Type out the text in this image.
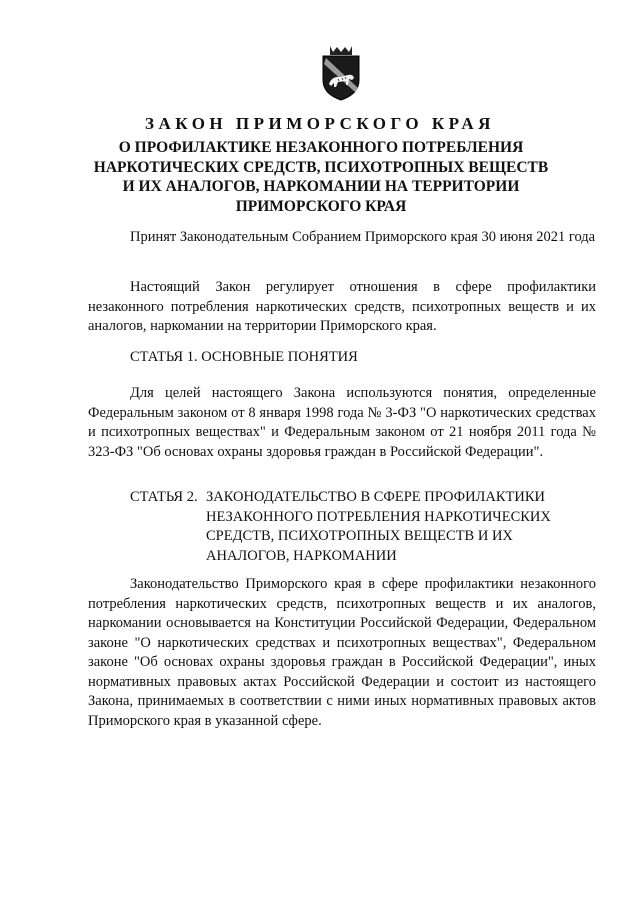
ЗАКОН ПРИМОРСКОГО КРАЯ
О ПРОФИЛАКТИКЕ НЕЗАКОННОГО ПОТРЕБЛЕНИЯ НАРКОТИЧЕСКИХ СРЕДСТВ, ПСИХОТРОПНЫХ ВЕЩЕСТВ И ИХ АНАЛОГОВ, НАРКОМАНИИ НА ТЕРРИТОРИИ ПРИМОРСКОГО КРАЯ

Принят Законодательным Собранием Приморского края 30 июня 2021 года

Настоящий Закон регулирует отношения в сфере профилактики незаконного потребления наркотических средств, психотропных веществ и их аналогов, наркомании на территории Приморского края.

СТАТЬЯ 1. ОСНОВНЫЕ ПОНЯТИЯ

Для целей настоящего Закона используются понятия, определенные Федеральным законом от 8 января 1998 года № 3-ФЗ "О наркотических средствах и психотропных веществах" и Федеральным законом от 21 ноября 2011 года № 323-ФЗ "Об основах охраны здоровья граждан в Российской Федерации".

СТАТЬЯ 2. ЗАКОНОДАТЕЛЬСТВО В СФЕРЕ ПРОФИЛАКТИКИ НЕЗАКОННОГО ПОТРЕБЛЕНИЯ НАРКОТИЧЕСКИХ СРЕДСТВ, ПСИХОТРОПНЫХ ВЕЩЕСТВ И ИХ АНАЛОГОВ, НАРКОМАНИИ

Законодательство Приморского края в сфере профилактики незаконного потребления наркотических средств, психотропных веществ и их аналогов, наркомании основывается на Конституции Российской Федерации, Федеральном законе "О наркотических средствах и психотропных веществах", Федеральном законе "Об основах охраны здоровья граждан в Российской Федерации", иных нормативных правовых актах Российской Федерации и состоит из настоящего Закона, принимаемых в соответствии с ними иных нормативных правовых актов Приморского края в указанной сфере.
